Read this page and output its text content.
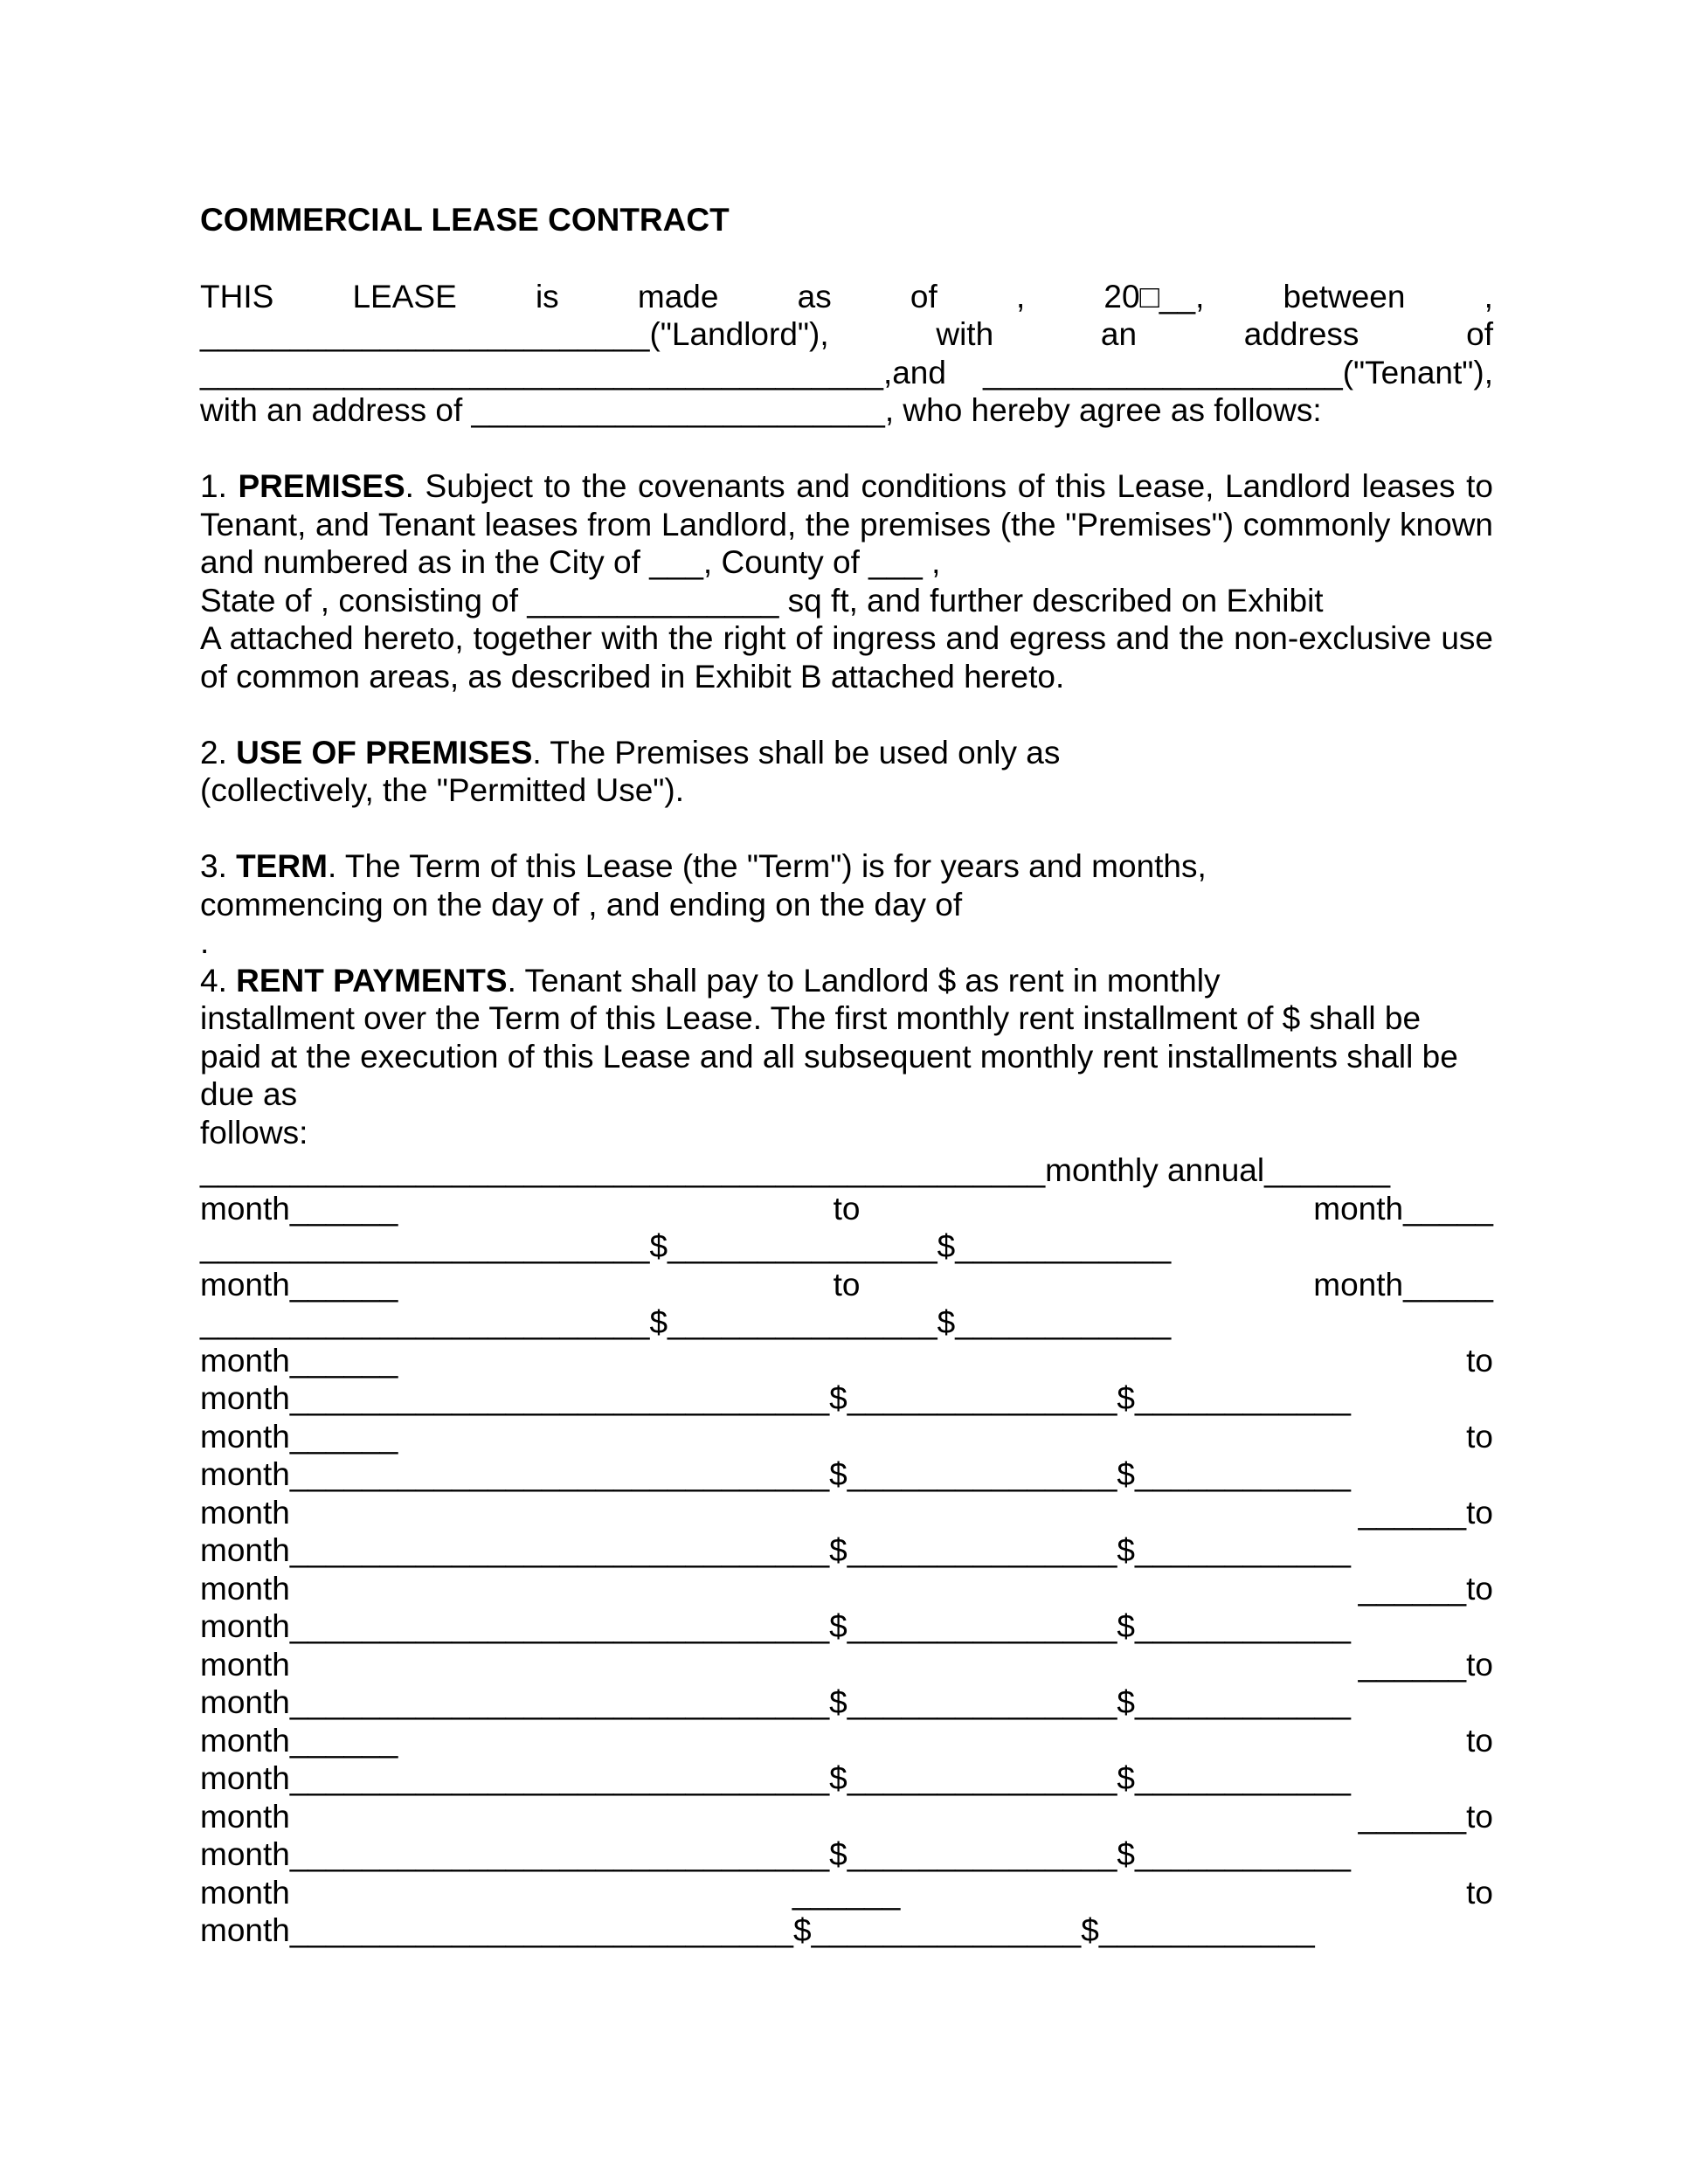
COMMERCIAL LEASE CONTRACT
THIS LEASE is made as of , 20□__, between ,
_________________________("Landlord"),	with	an	address	of
______________________________________,and ____________________("Tenant"),
with an address of _______________________, who hereby agree as follows:
1. PREMISES. Subject to the covenants and conditions of this Lease, Landlord leases to Tenant, and Tenant leases from Landlord, the premises (the "Premises") commonly known and numbered as in the City of ___, County of ___ ,
State of , consisting of ______________ sq ft, and further described on Exhibit
A attached hereto, together with the right of ingress and egress and the non-exclusive use of common areas, as described in Exhibit B attached hereto.
2. USE OF PREMISES. The Premises shall be used only as
(collectively, the "Permitted Use").
3. TERM. The Term of this Lease (the "Term") is for years and months,
commencing on the day of , and ending on the day of
.
4. RENT PAYMENTS. Tenant shall pay to Landlord $ as rent in monthly
installment over the Term of this Lease. The first monthly rent installment of $ shall be
paid at the execution of this Lease and all subsequent monthly rent installments shall be
due as
follows:
_______________________________________________monthly annual_______
month______	to	month_____
_________________________$_______________$____________
month______	to	month_____
_________________________$_______________$____________
month______	to
month______________________________$_______________$____________
month______	to
month______________________________$_______________$____________
month	______to
month______________________________$_______________$____________
month	______to
month______________________________$_______________$____________
month	______to
month______________________________$_______________$____________
month______	to
month______________________________$_______________$____________
month	______to
month______________________________$_______________$____________
month	______	to
month____________________________$_______________$____________
